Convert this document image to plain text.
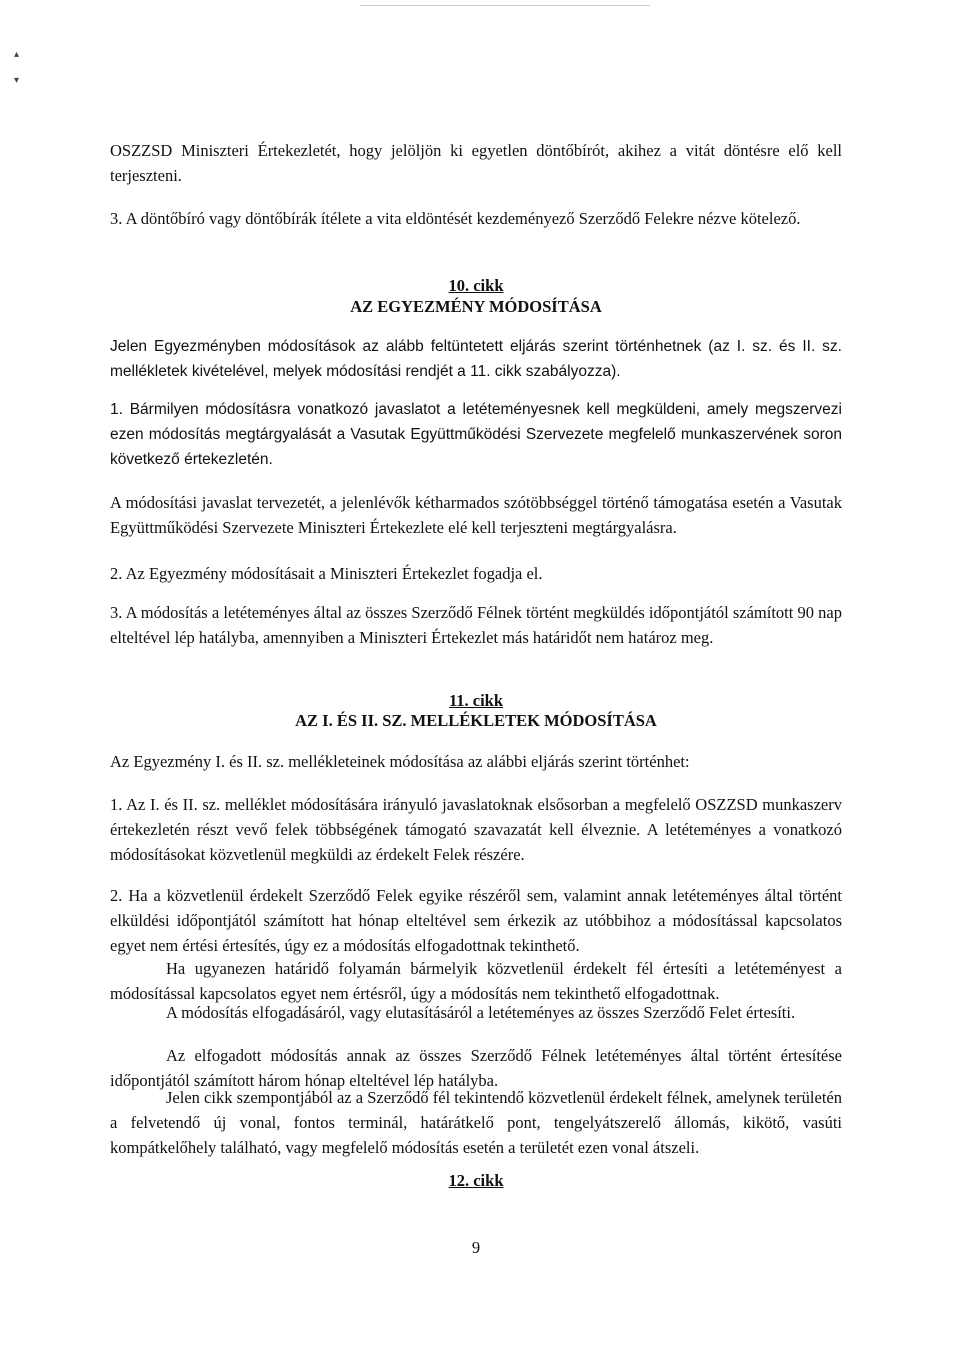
▴
▾

OSZZSD Miniszteri Értekezletét, hogy jelöljön ki egyetlen döntőbírót, akihez a vitát döntésre elő kell terjeszteni.

3. A döntőbíró vagy döntőbírák ítélete a vita eldöntését kezdeményező Szerződő Felekre nézve kötelező.

10. cikk

AZ EGYEZMÉNY MÓDOSÍTÁSA

Jelen Egyezményben módosítások az alább feltüntetett eljárás szerint történhetnek (az I. sz. és II. sz. mellékletek kivételével, melyek módosítási rendjét a 11. cikk szabályozza).

1. Bármilyen módosításra vonatkozó javaslatot a letéteményesnek kell megküldeni, amely megszervezi ezen módosítás megtárgyalását a Vasutak Együttműködési Szervezete megfelelő munkaszervének soron következő értekezletén.

A módosítási javaslat tervezetét, a jelenlévők kétharmados szótöbbséggel történő támogatása esetén a Vasutak Együttműködési Szervezete Miniszteri Értekezlete elé kell terjeszteni megtárgyalásra.

2. Az Egyezmény módosításait a Miniszteri Értekezlet fogadja el.

3. A módosítás a letéteményes által az összes Szerződő Félnek történt megküldés időpontjától számított 90 nap elteltével lép hatályba, amennyiben a Miniszteri Értekezlet más határidőt nem határoz meg.

11. cikk

AZ I. ÉS II. SZ. MELLÉKLETEK MÓDOSÍTÁSA

Az Egyezmény I. és II. sz. mellékleteinek módosítása az alábbi eljárás szerint történhet:

1. Az I. és II. sz. melléklet módosítására irányuló javaslatoknak elsősorban a megfelelő OSZZSD munkaszerv értekezletén részt vevő felek többségének támogató szavazatát kell élveznie. A letéteményes a vonatkozó módosításokat közvetlenül megküldi az érdekelt Felek részére.

2. Ha a közvetlenül érdekelt Szerződő Felek egyike részéről sem, valamint annak letéteményes által történt elküldési időpontjától számított hat hónap elteltével sem érkezik az utóbbihoz a módosítással kapcsolatos egyet nem értési értesítés, úgy ez a módosítás elfogadottnak tekinthető.

Ha ugyanezen határidő folyamán bármelyik közvetlenül érdekelt fél értesíti a letéteményest a módosítással kapcsolatos egyet nem értésről, úgy a módosítás nem tekinthető elfogadottnak.

A módosítás elfogadásáról, vagy elutasításáról a letéteményes az összes Szerződő Felet értesíti.

Az elfogadott módosítás annak az összes Szerződő Félnek letéteményes által történt értesítése időpontjától számított három hónap elteltével lép hatályba.

Jelen cikk szempontjából az a Szerződő fél tekintendő közvetlenül érdekelt félnek, amelynek területén a felvetendő új vonal, fontos terminál, határátkelő pont, tengelyátszerelő állomás, kikötő, vasúti kompátkelőhely található, vagy megfelelő módosítás esetén a területét ezen vonal átszeli.

12. cikk

9
